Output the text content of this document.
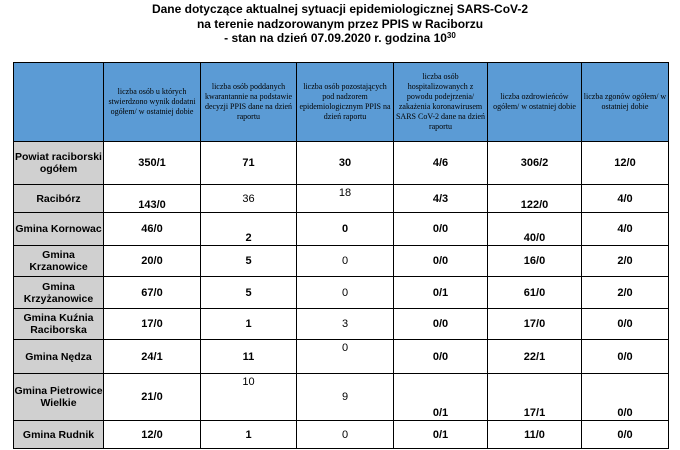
Dane dotyczące aktualnej sytuacji epidemiologicznej SARS-CoV-2
na terenie nadzorowanym przez PPIS w Raciborzu
- stan na dzień 07.09.2020 r. godzina $10^{30}$
	liczba osób u których stwierdzono wynik dodatni ogółem/ w ostatniej dobie	liczba osób poddanych kwarantannie na podstawie decyzji PPIS dane na dzień raportu	liczba osób pozostających pod nadzorem epidemiologicznym PPIS na dzień raportu	liczba osób hospitalizowanych z powodu podejrzenia/ zakażenia koronawirusem SARS CoV-2 dane na dzień raportu	liczba ozdrowieńców ogółem/ w ostatniej dobie	liczba zgonów ogółem/ w ostatniej dobie
Powiat raciborski ogółem	350/1	71	30	4/6	306/2	12/0
Racibórz	143/0	36	18	4/3	122/0	4/0
Gmina Kornowac	46/0	2	0	0/0	40/0	4/0
Gmina Krzanowice	20/0	5	0	0/0	16/0	2/0
Gmina Krzyżanowice	67/0	5	0	0/1	61/0	2/0
Gmina Kuźnia Raciborska	17/0	1	3	0/0	17/0	0/0
Gmina Nędza	24/1	11	0	0/0	22/1	0/0
Gmina Pietrowice Wielkie	21/0	10	9	0/1	17/1	0/0
Gmina Rudnik	12/0	1	0	0/1	11/0	0/0
